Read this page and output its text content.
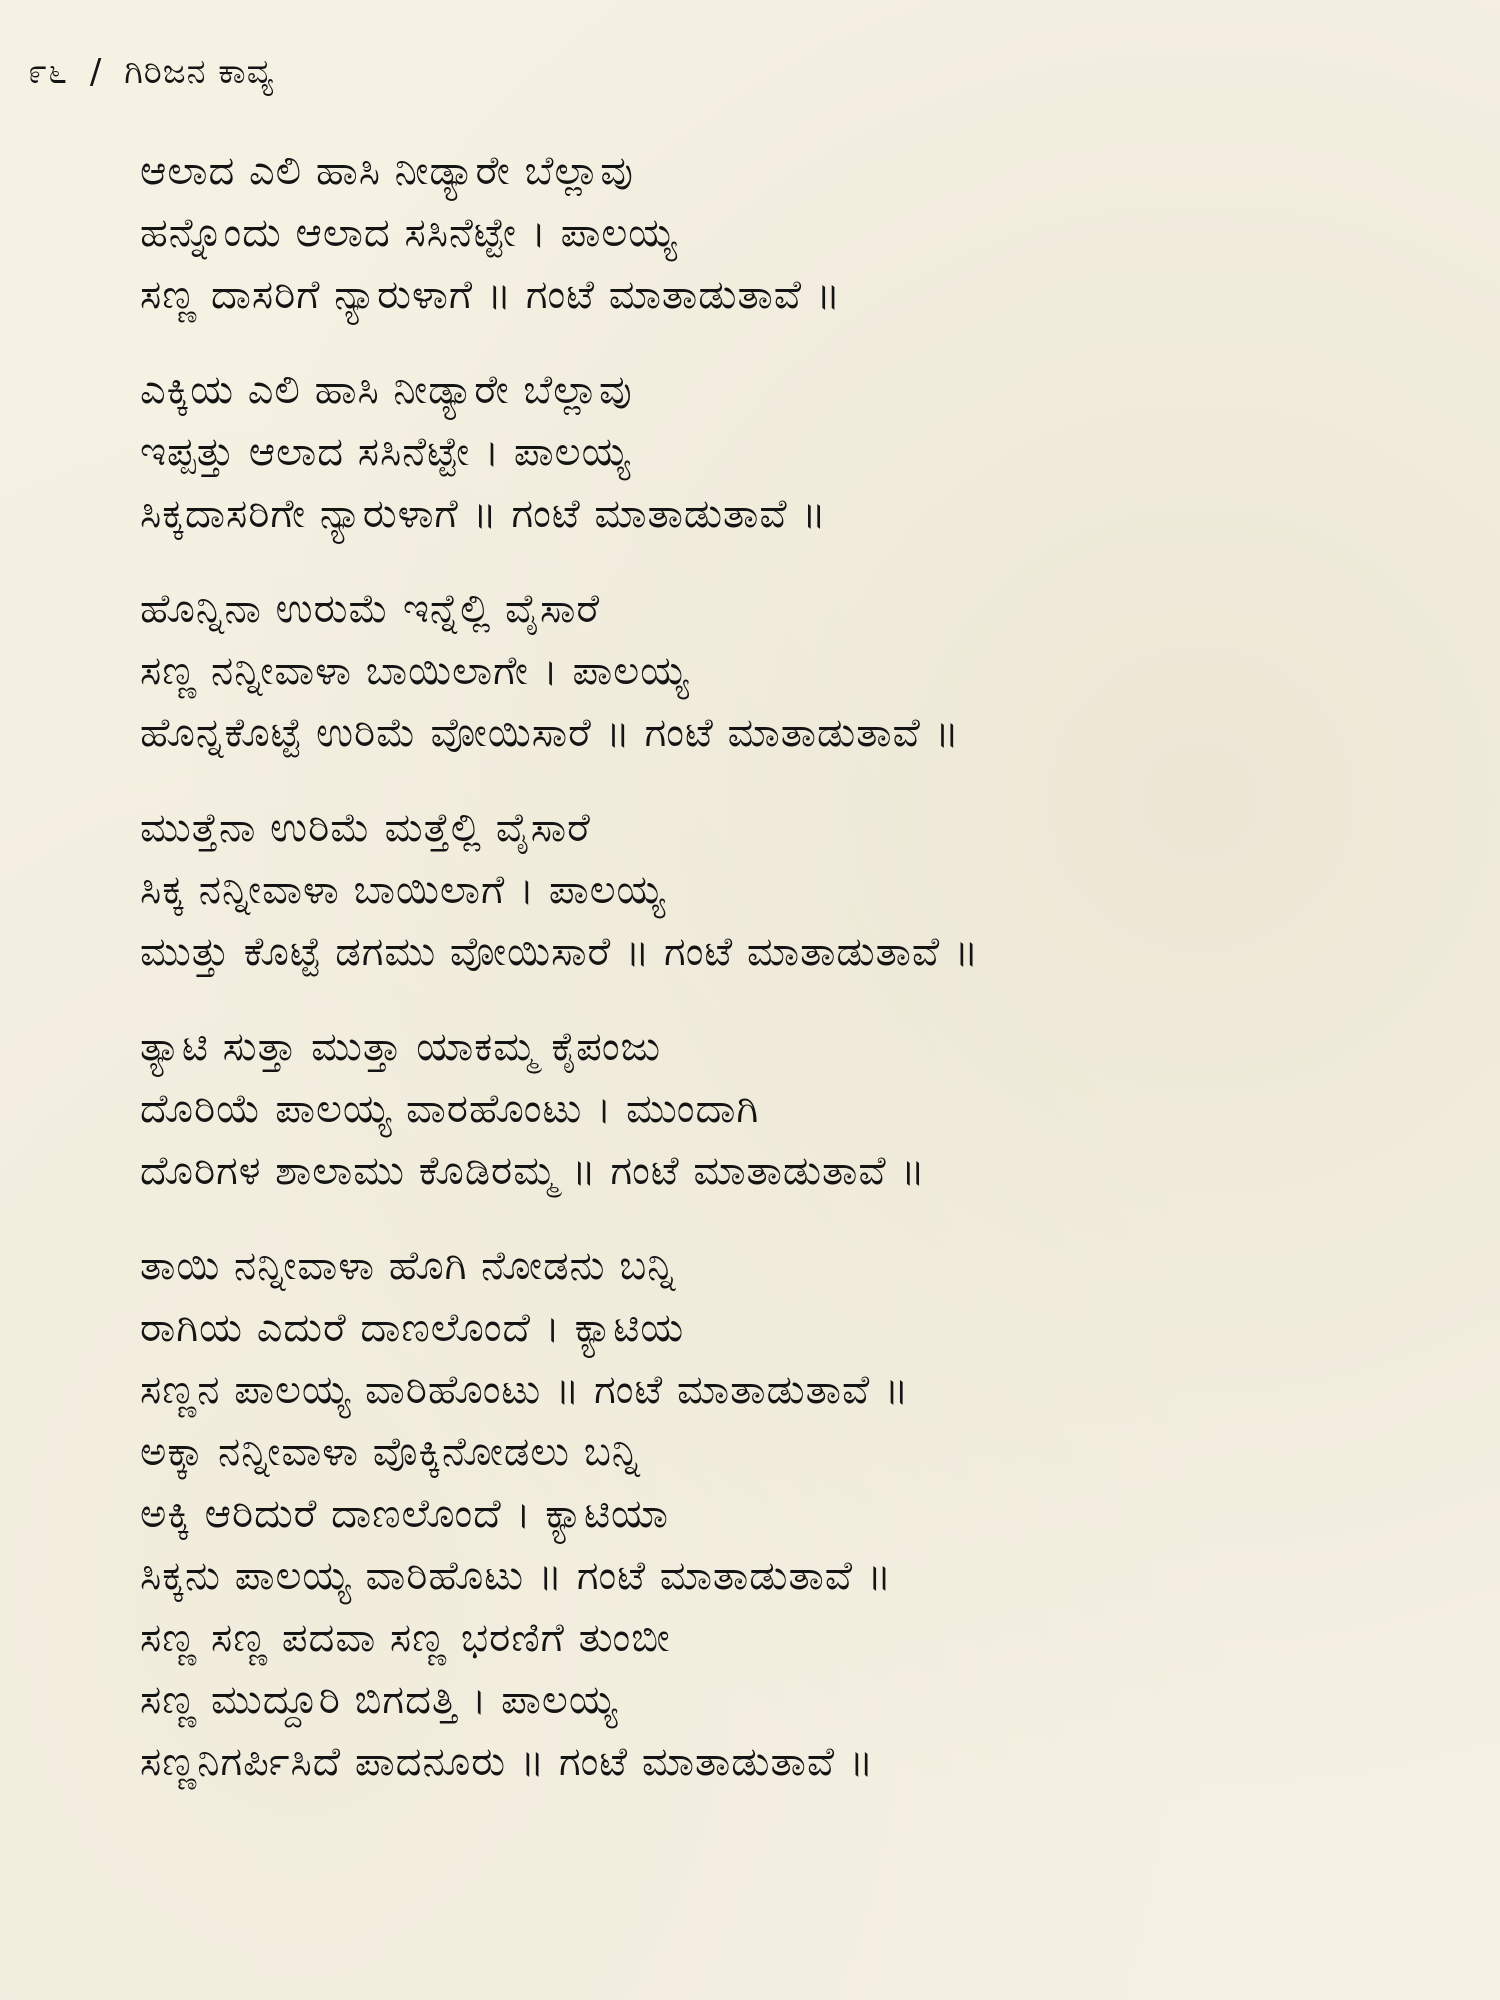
೯೬ / ಗಿರಿಜನ ಕಾವ್ಯ
ಆಲಾದ ಎಲಿ ಹಾಸಿ ನೀಡ್ಯಾರೇ ಬೆಲ್ಲಾವು
ಹನ್ನೊಂದು ಆಲಾದ ಸಸಿನೆಟ್ಟೇ । ಪಾಲಯ್ಯ
ಸಣ್ಣ ದಾಸರಿಗೆ ನ್ಯಾರುಳಾಗೆ ॥ ಗಂಟೆ ಮಾತಾಡುತಾವೆ ॥
ಎಕ್ಕಿಯ ಎಲಿ ಹಾಸಿ ನೀಡ್ಯಾರೇ ಬೆಲ್ಲಾವು
ಇಪ್ಪತ್ತು ಆಲಾದ ಸಸಿನೆಟ್ಟೇ । ಪಾಲಯ್ಯ
ಸಿಕ್ಕದಾಸರಿಗೇ ನ್ಯಾರುಳಾಗೆ ॥ ಗಂಟೆ ಮಾತಾಡುತಾವೆ ॥
ಹೊನ್ನಿನಾ ಉರುಮೆ ಇನ್ನೆಲ್ಲಿ ವೈಸಾರೆ
ಸಣ್ಣ ನನ್ನೀವಾಳಾ ಬಾಯಿಲಾಗೇ । ಪಾಲಯ್ಯ
ಹೊನ್ನಕೊಟ್ಟೆ ಉರಿಮೆ ವೋಯಿಸಾರೆ ॥ ಗಂಟೆ ಮಾತಾಡುತಾವೆ ॥
ಮುತ್ತೆನಾ ಉರಿಮೆ ಮತ್ತೆಲ್ಲಿ ವೈಸಾರೆ
ಸಿಕ್ಕ ನನ್ನೀವಾಳಾ ಬಾಯಿಲಾಗೆ । ಪಾಲಯ್ಯ
ಮುತ್ತು ಕೊಟ್ಟೆ ಡಗಮು ವೋಯಿಸಾರೆ ॥ ಗಂಟೆ ಮಾತಾಡುತಾವೆ ॥
ತ್ಯಾಟಿ ಸುತ್ತಾ ಮುತ್ತಾ ಯಾಕಮ್ಮ ಕೈಪಂಜು
ದೊರಿಯೆ ಪಾಲಯ್ಯ ವಾರಹೊಂಟು । ಮುಂದಾಗಿ
ದೊರಿಗಳ ಶಾಲಾಮು ಕೊಡಿರಮ್ಮ ॥ ಗಂಟೆ ಮಾತಾಡುತಾವೆ ॥
ತಾಯಿ ನನ್ನೀವಾಳಾ ಹೊಗಿ ನೋಡನು ಬನ್ನಿ
ರಾಗಿಯ ಎದುರೆ ದಾಣಲೊಂದೆ । ಕ್ಯಾಟಿಯ
ಸಣ್ಣನ ಪಾಲಯ್ಯ ವಾರಿಹೊಂಟು ॥ ಗಂಟೆ ಮಾತಾಡುತಾವೆ ॥
ಅಕ್ಕಾ ನನ್ನೀವಾಳಾ ವೊಕ್ಕಿನೋಡಲು ಬನ್ನಿ
ಅಕ್ಕಿ ಆರಿದುರೆ ದಾಣಲೊಂದೆ । ಕ್ಯಾಟಿಯಾ
ಸಿಕ್ಕನು ಪಾಲಯ್ಯ ವಾರಿಹೊಟು ॥ ಗಂಟೆ ಮಾತಾಡುತಾವೆ ॥
ಸಣ್ಣ ಸಣ್ಣ ಪದವಾ ಸಣ್ಣ ಭರಣಿಗೆ ತುಂಬೀ
ಸಣ್ಣ ಮುದ್ದೂರಿ ಬಿಗದತ್ತಿ । ಪಾಲಯ್ಯ
ಸಣ್ಣನಿಗರ್ಪಿಸಿದೆ ಪಾದನೂರು ॥ ಗಂಟೆ ಮಾತಾಡುತಾವೆ ॥
